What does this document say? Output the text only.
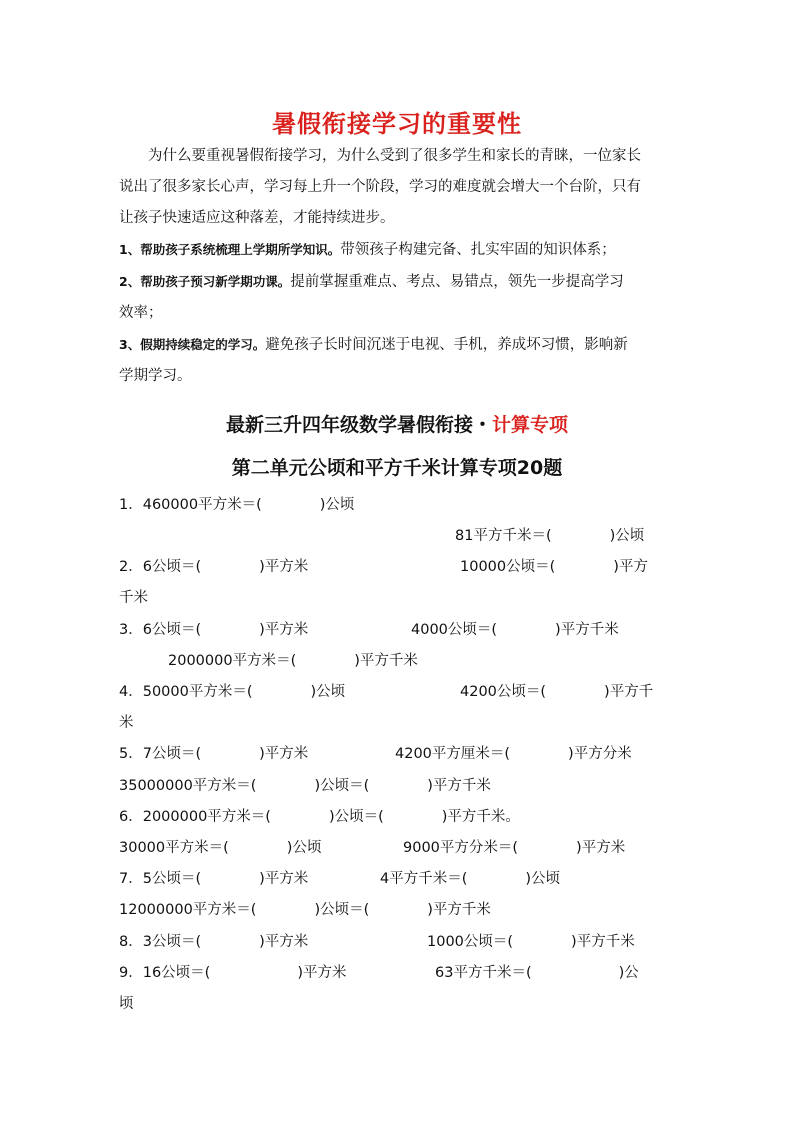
暑假衔接学习的重要性

为什么要重视暑假衔接学习，为什么受到了很多学生和家长的青睐，一位家长

说出了很多家长心声，学习每上升一个阶段，学习的难度就会增大一个台阶，只有

让孩子快速适应这种落差，才能持续进步。

1、帮助孩子系统梳理上学期所学知识。带领孩子构建完备、扎实牢固的知识体系；

2、帮助孩子预习新学期功课。提前掌握重难点、考点、易错点，领先一步提高学习

效率；

3、假期持续稳定的学习。避免孩子长时间沉迷于电视、手机，养成坏习惯，影响新

学期学习。

最新三升四年级数学暑假衔接・计算专项
第二单元公顷和平方千米计算专项20题
1．460000平方米＝(　　　　)公顷
81平方千米＝(　　　　)公顷
2．6公顷＝(　　　　)平方米	10000公顷＝(　　　　)平方
千米
3．6公顷＝(　　　　)平方米	4000公顷＝(　　　　)平方千米
2000000平方米＝(　　　　)平方千米
4．50000平方米＝(　　　　)公顷	4200公顷＝(　　　　)平方千
米
5．7公顷＝(　　　　)平方米	4200平方厘米＝(　　　　)平方分米
35000000平方米＝(　　　　)公顷＝(　　　　)平方千米
6．2000000平方米＝(　　　　)公顷＝(　　　　)平方千米。
30000平方米＝(　　　　)公顷	9000平方分米＝(　　　　)平方米
7．5公顷＝(　　　　)平方米	4平方千米＝(　　　　)公顷
12000000平方米＝(　　　　)公顷＝(　　　　)平方千米
8．3公顷＝(　　　　)平方米	1000公顷＝(　　　　)平方千米
9．16公顷＝(　　　　　　)平方米	63平方千米＝(　　　　　　)公
顷
